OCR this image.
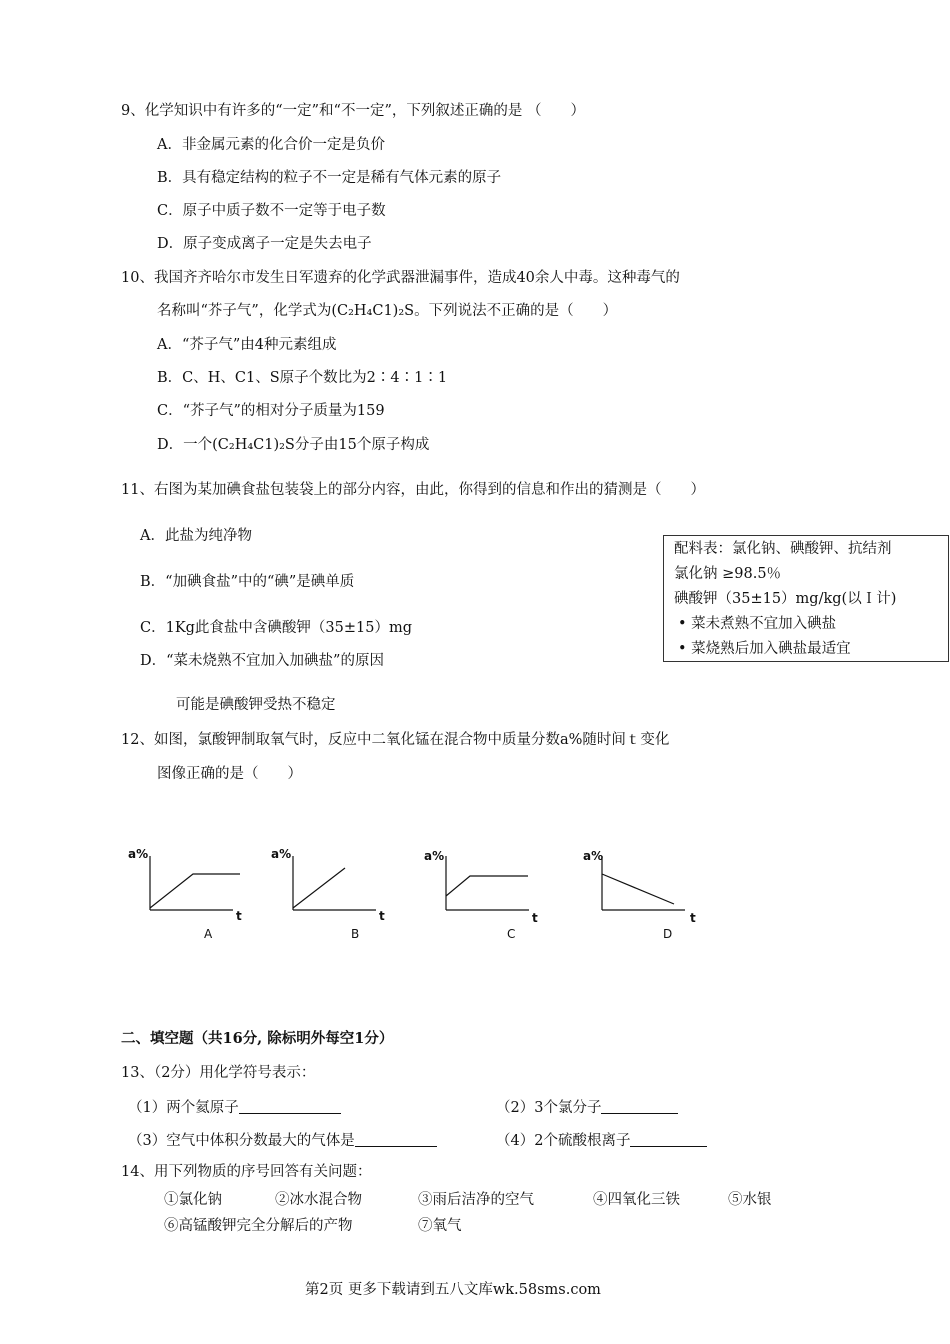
9、化学知识中有许多的“一定”和“不一定”，下列叙述正确的是 （　　）
A．非金属元素的化合价一定是负价
B．具有稳定结构的粒子不一定是稀有气体元素的原子
C．原子中质子数不一定等于电子数
D．原子变成离子一定是失去电子
10、我国齐齐哈尔市发生日军遗弃的化学武器泄漏事件，造成40余人中毒。这种毒气的
名称叫“芥子气”，化学式为(C₂H₄C1)₂S。下列说法不正确的是（　　）
A．“芥子气”由4种元素组成
B．C、H、C1、S原子个数比为2∶4∶1∶1
C．“芥子气”的相对分子质量为159
D．一个(C₂H₄C1)₂S分子由15个原子构成
11、右图为某加碘食盐包装袋上的部分内容，由此，你得到的信息和作出的猜测是（　　）
A．此盐为纯净物
B．“加碘食盐”中的“碘”是碘单质
C．1Kg此食盐中含碘酸钾（35±15）mg
D．“菜未烧熟不宜加入加碘盐”的原因
可能是碘酸钾受热不稳定
配料表：氯化钠、碘酸钾、抗结剂
氯化钠 ≥98.5％
碘酸钾（35±15）mg/kg(以Ｉ计)
• 菜未煮熟不宜加入碘盐
• 菜烧熟后加入碘盐最适宜
12、如图，氯酸钾制取氧气时，反应中二氧化锰在混合物中质量分数a%随时间ｔ变化
图像正确的是（　　）
a%
t
A
a%
t
B
a%
t
C
a%
t
D
二、填空题（共16分, 除标明外每空1分）
13、（2分）用化学符号表示：
（1）两个氦原子	（2）3个氯分子
（3）空气中体积分数最大的气体是	（4）2个硫酸根离子
14、用下列物质的序号回答有关问题：
①氯化钠	②冰水混合物	③雨后洁净的空气	④四氧化三铁	⑤水银
⑥高锰酸钾完全分解后的产物	⑦氧气
第2页 更多下载请到五八文库wk.58sms.com
